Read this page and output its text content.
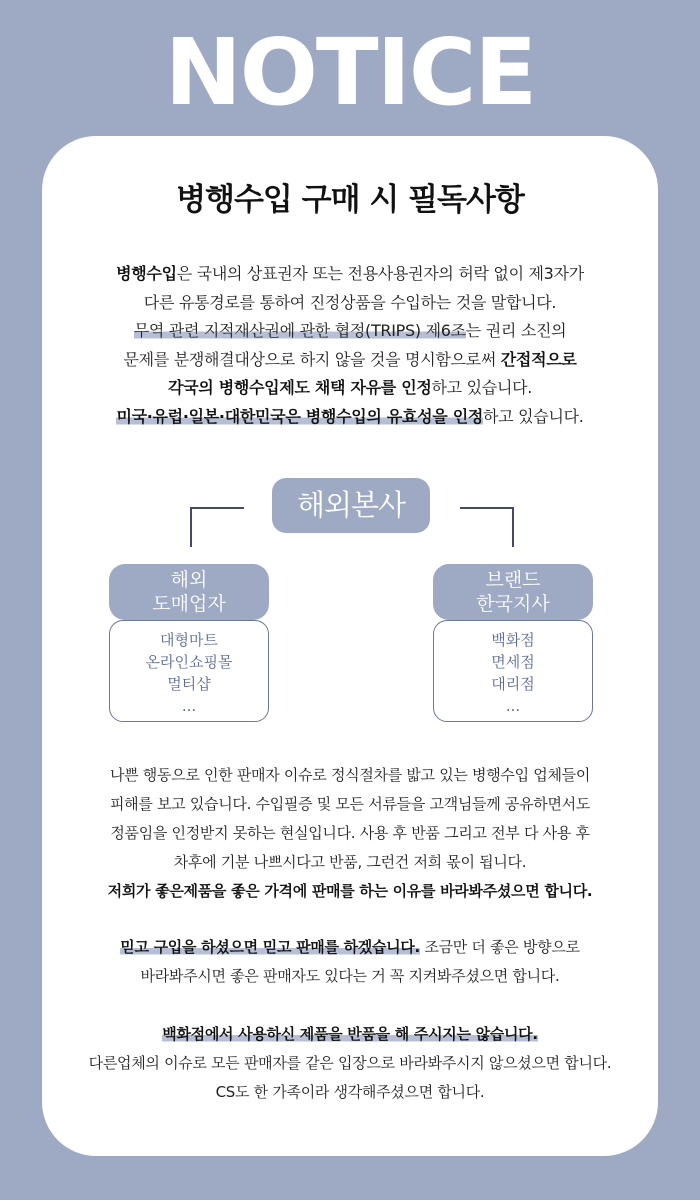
NOTICE
병행수입 구매 시 필독사항

병행수입은 국내의 상표권자 또는 전용사용권자의 허락 없이 제3자가

다른 유통경로를 통하여 진정상품을 수입하는 것을 말합니다.

무역 관련 지적재산권에 관한 협정(TRIPS) 제6조는 권리 소진의

문제를 분쟁해결대상으로 하지 않을 것을 명시함으로써 간접적으로

각국의 병행수입제도 채택 자유를 인정하고 있습니다.

미국·유럽·일본·대한민국은 병행수입의 유효성을 인정하고 있습니다.

해외본사
해외
도매업자
대형마트
온라인쇼핑몰
멀티샵
...
브랜드
한국지사
백화점
면세점
대리점
...

나쁜 행동으로 인한 판매자 이슈로 정식절차를 밟고 있는 병행수입 업체들이

피해를 보고 있습니다. 수입필증 및 모든 서류들을 고객님들께 공유하면서도

정품임을 인정받지 못하는 현실입니다. 사용 후 반품 그리고 전부 다 사용 후

차후에 기분 나쁘시다고 반품, 그런건 저희 몫이 됩니다.

저희가 좋은제품을 좋은 가격에 판매를 하는 이유를 바라봐주셨으면 합니다.

믿고 구입을 하셨으면 믿고 판매를 하겠습니다. 조금만 더 좋은 방향으로

바라봐주시면 좋은 판매자도 있다는 거 꼭 지켜봐주셨으면 합니다.

백화점에서 사용하신 제품을 반품을 해 주시지는 않습니다.

다른업체의 이슈로 모든 판매자를 같은 입장으로 바라봐주시지 않으셨으면 합니다.

CS도 한 가족이라 생각해주셨으면 합니다.
